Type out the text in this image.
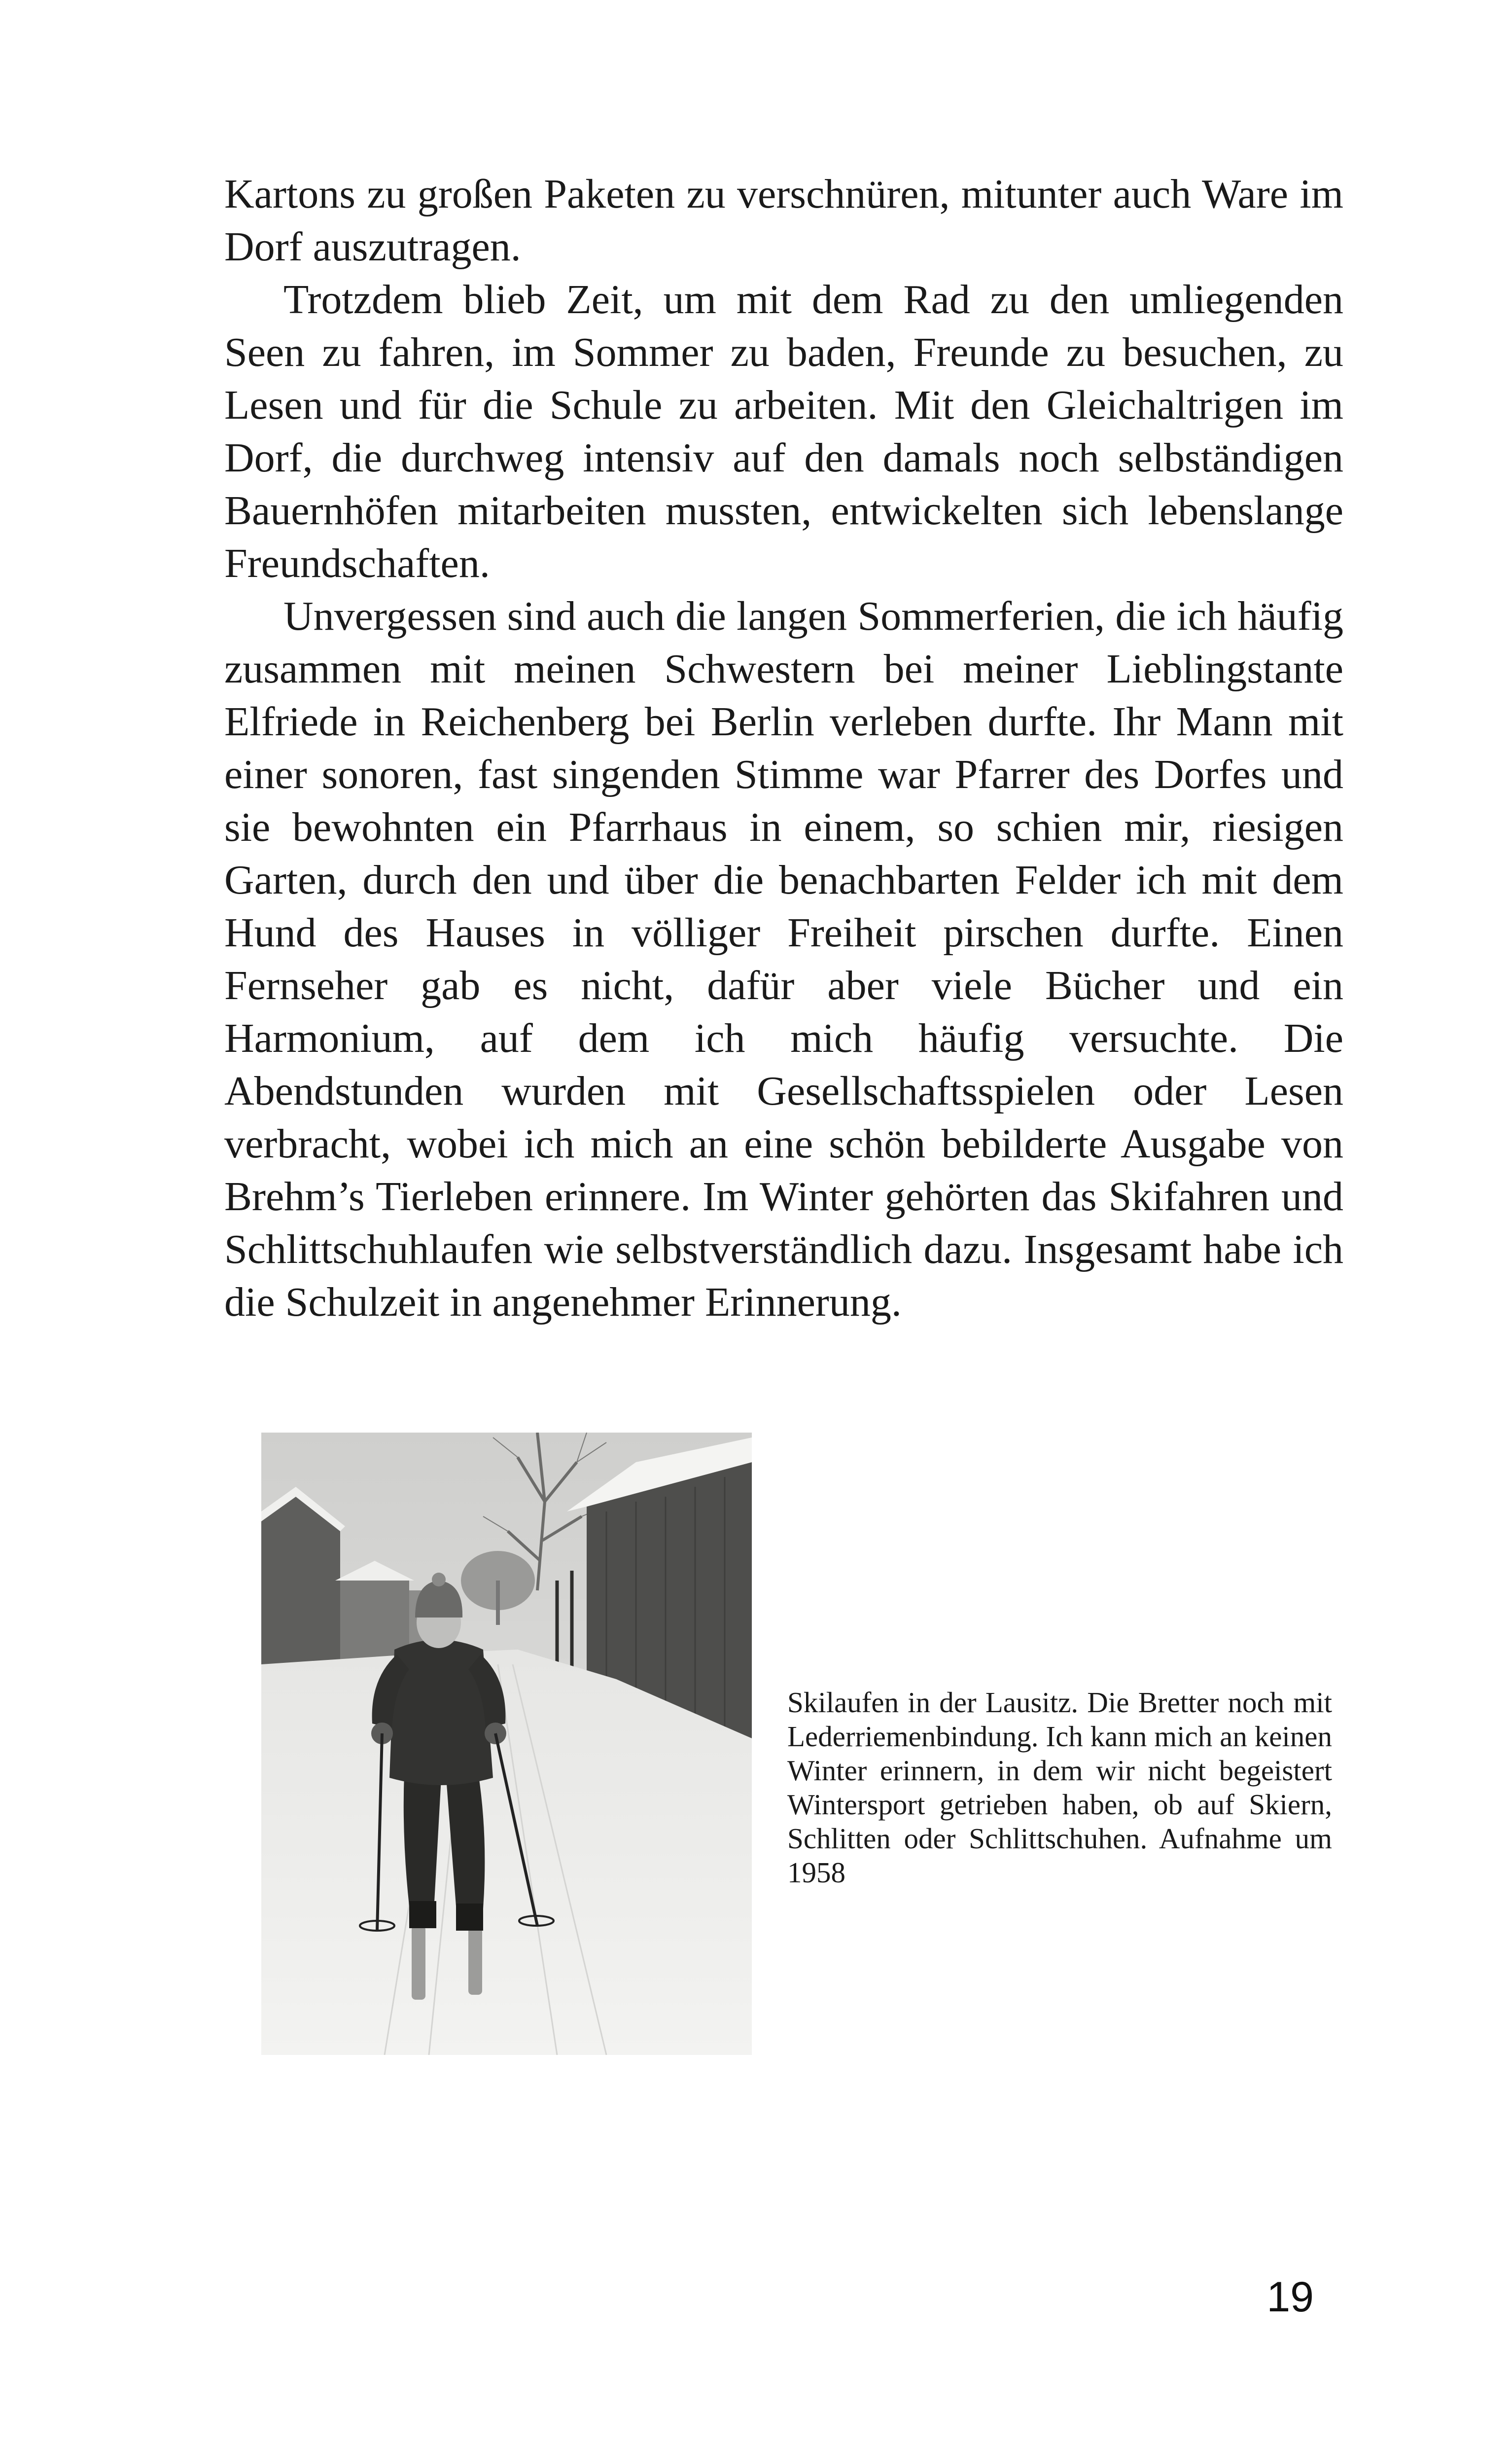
Kartons zu großen Paketen zu verschnüren, mitunter auch Ware im Dorf auszutragen.

Trotzdem blieb Zeit, um mit dem Rad zu den umliegenden Seen zu fahren, im Sommer zu baden, Freunde zu besuchen, zu Lesen und für die Schule zu arbeiten. Mit den Gleichaltrigen im Dorf, die durchweg intensiv auf den damals noch selbständigen Bauernhöfen mitarbeiten mussten, entwickelten sich lebenslange Freundschaften.

Unvergessen sind auch die langen Sommerferien, die ich häufig zusammen mit meinen Schwestern bei meiner Lieblingstante Elfriede in Reichenberg bei Berlin verleben durfte. Ihr Mann mit einer sonoren, fast singenden Stimme war Pfarrer des Dorfes und sie bewohnten ein Pfarrhaus in einem, so schien mir, riesigen Garten, durch den und über die benachbarten Felder ich mit dem Hund des Hauses in völliger Freiheit pirschen durfte. Einen Fernseher gab es nicht, dafür aber viele Bücher und ein Harmonium, auf dem ich mich häufig versuchte. Die Abendstunden wurden mit Gesellschaftsspielen oder Lesen verbracht, wobei ich mich an eine schön bebilderte Ausgabe von Brehm’s Tierleben erinnere. Im Winter gehörten das Skifahren und Schlittschuhlaufen wie selbstverständlich dazu. Insgesamt habe ich die Schulzeit in angenehmer Erinnerung.

Skilaufen in der Lausitz. Die Bretter noch mit Lederriemenbindung. Ich kann mich an keinen Winter erinnern, in dem wir nicht begeistert Wintersport getrieben haben, ob auf Skiern, Schlitten oder Schlittschuhen. Aufnahme um 1958
19
